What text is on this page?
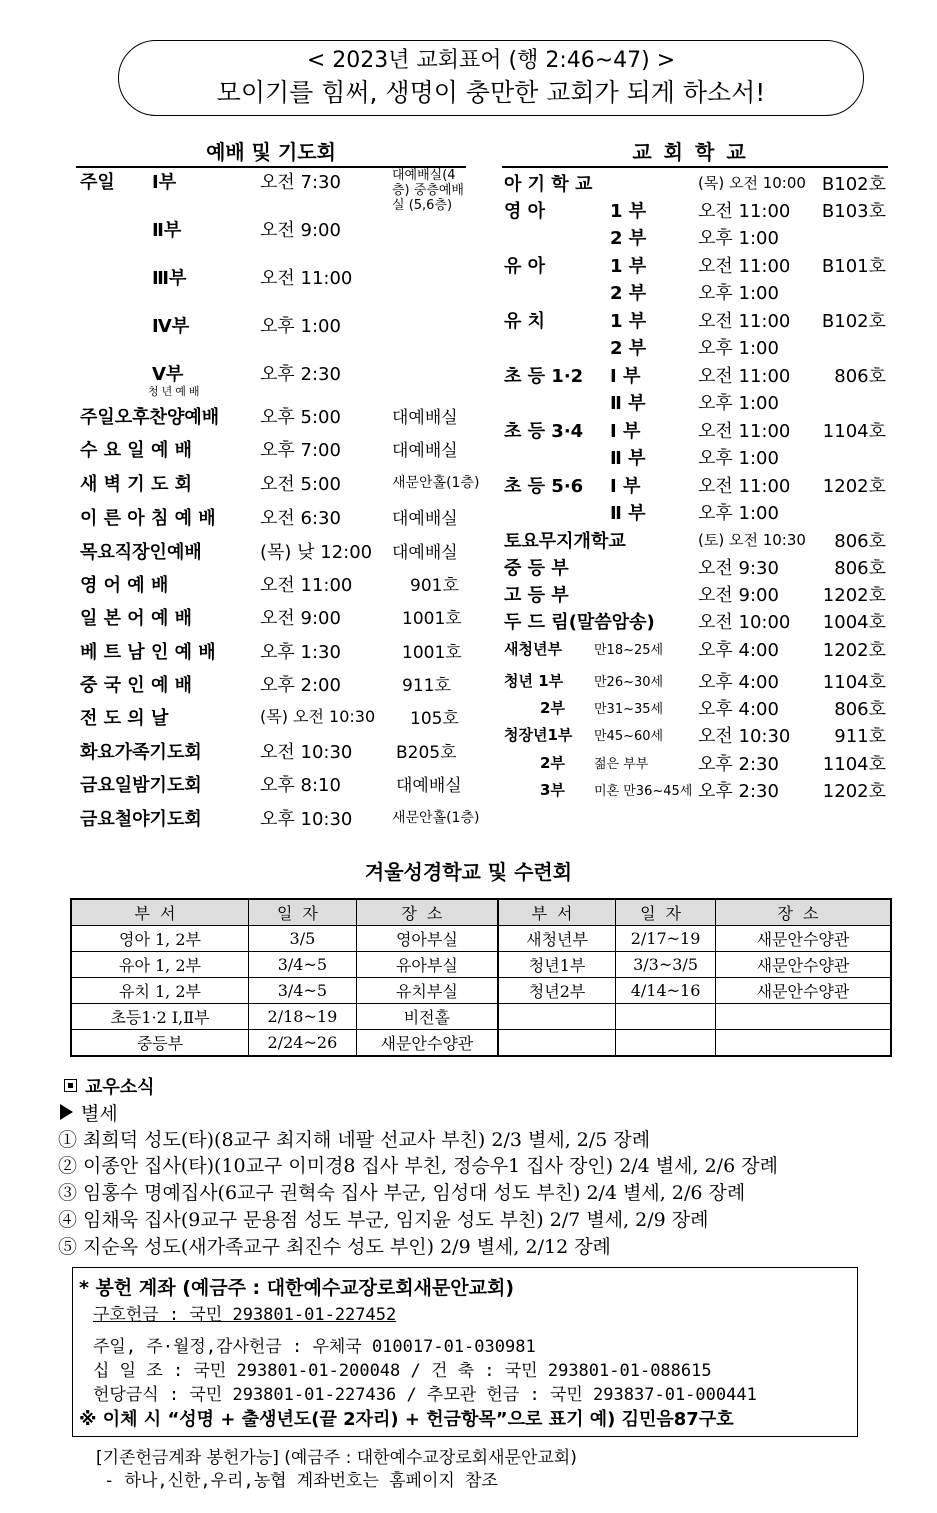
< 2023년 교회표어 (행 2:46~47) >
모이기를 힘써, 생명이 충만한 교회가 되게 하소서!
예배 및 기도회	교회학교
주일 Ⅰ부	오전 7:30	대예배실(4층) 중층예배실 (5,6층)
Ⅱ부	오전 9:00
Ⅲ부	오전 11:00
Ⅳ부	오후 1:00
Ⅴ부	오후 2:30
청년예배
주일오후찬양예배 오후 5:00	대예배실
수 요 일 예 배	오후 7:00	대예배실
새 벽 기 도 회	오전 5:00	새문안홀(1층)
이 른 아 침 예 배 오전 6:30	대예배실
목요직장인예배	(목) 낮 12:00 대예배실
영 어 예 배	오전 11:00	901호
일 본 어 예 배	오전 9:00	1001호
베 트 남 인 예 배 오후 1:30	1001호
중 국 인 예 배	오후 2:00	911호
전 도 의 날	(목) 오전 10:30 105호
화요가족기도회	오전 10:30	B205호
금요일밤기도회	오후 8:10	대예배실
금요철야기도회	오후 10:30	새문안홀(1층)
아 기 학 교	(목) 오전 10:00 B102호
영 아	1 부	오전 11:00 B103호
2 부	오후 1:00
유 아	1 부	오전 11:00 B101호
2 부	오후 1:00
유 치	1 부	오전 11:00 B102호
2 부	오후 1:00
초 등 1·2 Ⅰ 부	오전 11:00 806호
Ⅱ 부	오후 1:00
초 등 3·4 Ⅰ 부	오전 11:00 1104호
Ⅱ 부	오후 1:00
초 등 5·6 Ⅰ 부	오전 11:00 1202호
Ⅱ 부	오후 1:00
토요무지개학교	(토) 오전 10:30 806호
중 등 부	오전 9:30	806호
고 등 부	오전 9:00 1202호
두 드 림(말씀암송) 오전 10:00 1004호
새청년부 만18~25세 오후 4:00 1202호
청년 1부 만26~30세 오후 4:00 1104호
2부 만31~35세 오후 4:00	806호
청장년1부 만45~60세 오전 10:30 911호
2부 젊은 부부	오후 2:30 1104호
3부 미혼 만36~45세 오후 2:30 1202호
겨울성경학교 및 수련회
부서	일자	장소	부서	일자	장소
영아 1, 2부	3/5	영아부실	새청년부	2/17~19	새문안수양관
유아 1, 2부	3/4~5	유아부실	청년1부	3/3~3/5	새문안수양관
유치 1, 2부	3/4~5	유치부실	청년2부	4/14~16	새문안수양관
초등1·2 Ⅰ,Ⅱ부	2/18~19	비전홀			
중등부	2/24~26	새문안수양관			
교우소식
별세
① 최희덕 성도(타)(8교구 최지해 네팔 선교사 부친) 2/3 별세, 2/5 장례
② 이종안 집사(타)(10교구 이미경8 집사 부친, 정승우1 집사 장인) 2/4 별세, 2/6 장례
③ 임홍수 명예집사(6교구 권혁숙 집사 부군, 임성대 성도 부친) 2/4 별세, 2/6 장례
④ 임채욱 집사(9교구 문용점 성도 부군, 임지윤 성도 부친) 2/7 별세, 2/9 장례
⑤ 지순옥 성도(새가족교구 최진수 성도 부인) 2/9 별세, 2/12 장례
* 봉헌 계좌 (예금주 : 대한예수교장로회새문안교회)
구호헌금 : 국민 293801-01-227452
주일, 주·월정,감사헌금 : 우체국 010017-01-030981
십 일 조 : 국민 293801-01-200048 / 건 축 : 국민 293801-01-088615
헌당금식 : 국민 293801-01-227436 / 추모관 헌금 : 국민 293837-01-000441
※ 이체 시 “성명 + 출생년도(끝 2자리) + 헌금항목”으로 표기 예) 김민음87구호
[기존헌금계좌 봉헌가능] (예금주 : 대한예수교장로회새문안교회)
- 하나,신한,우리,농협 계좌번호는 홈페이지 참조
